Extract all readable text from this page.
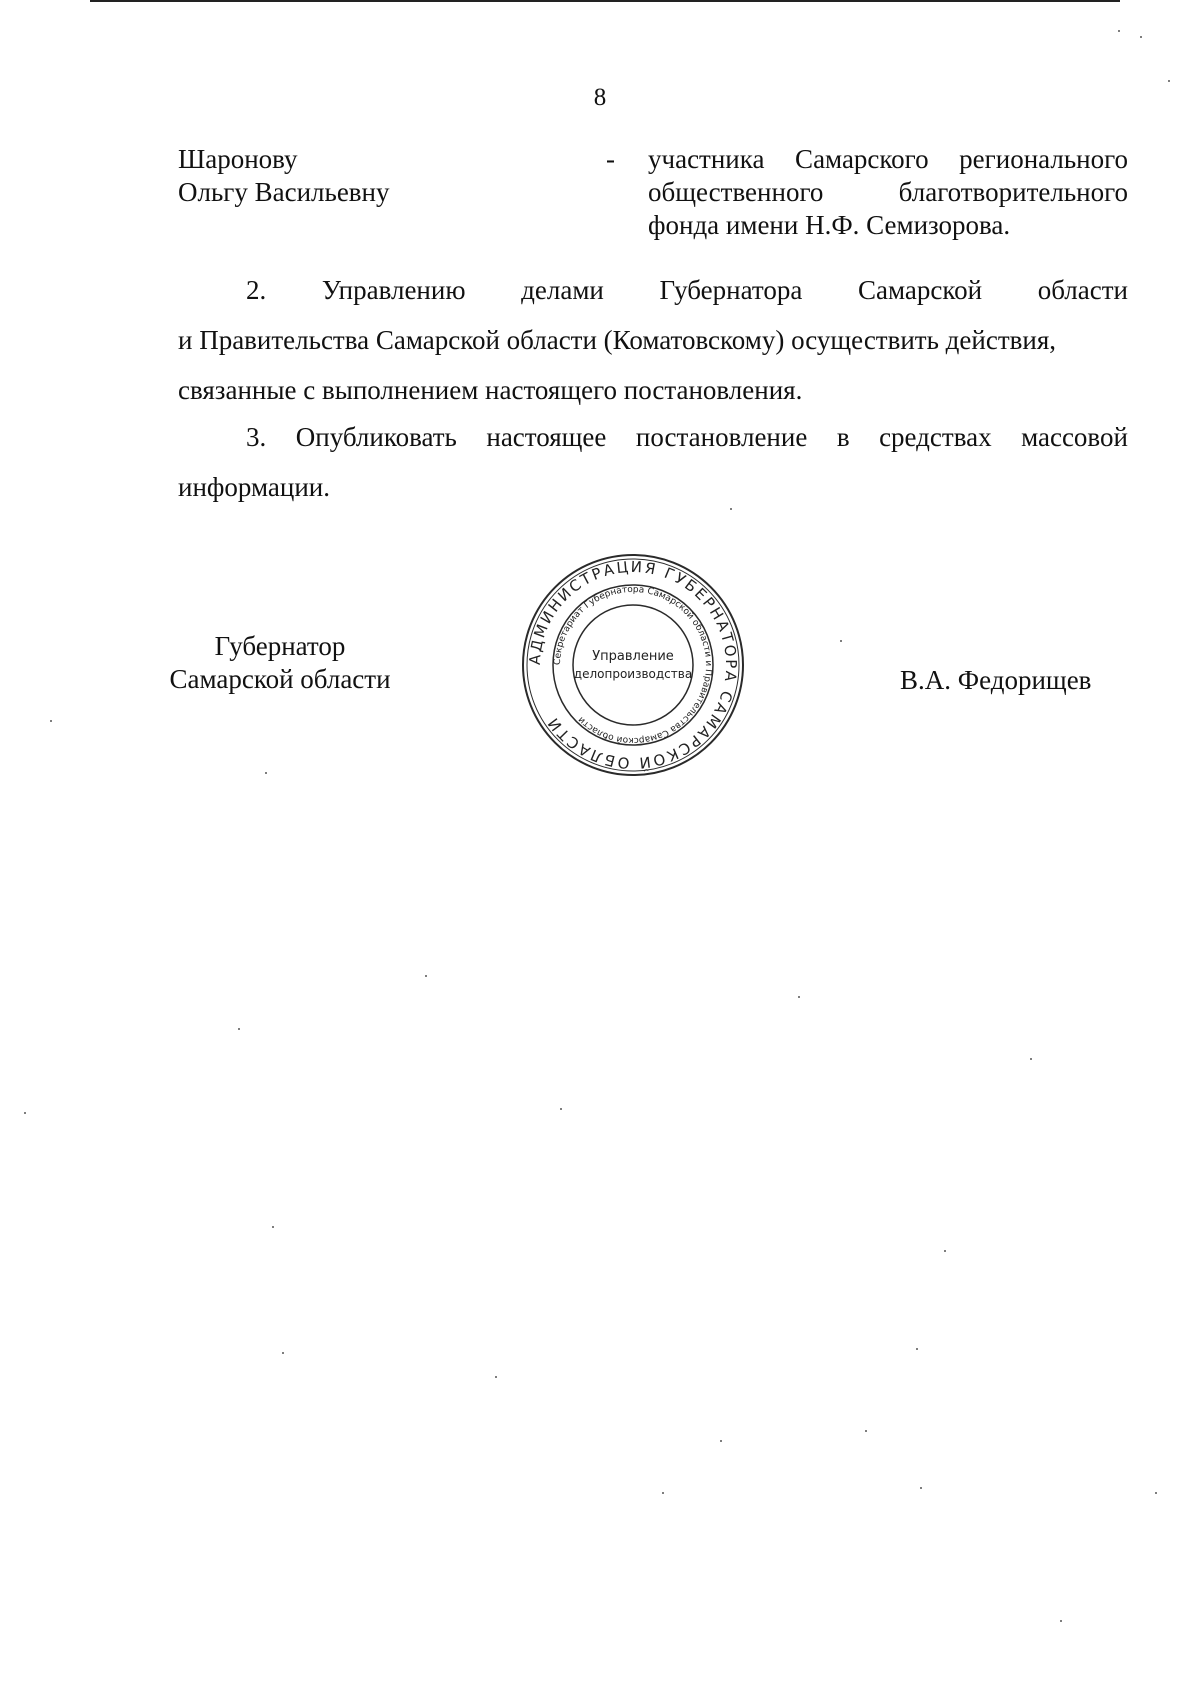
8
Шаронову
Ольгу Васильевну
- участника Самарского регионального общественного благотворительного фонда имени Н.Ф. Семизорова.
2. Управлению делами Губернатора Самарской области
и Правительства Самарской области (Коматовскому) осуществить действия,
связанные с выполнением настоящего постановления.
3. Опубликовать настоящее постановление в средствах массовой
информации.
Губернатор
Самарской области
АДМИНИСТРАЦИЯ ГУБЕРНАТОРА САМАРСКОЙ ОБЛАСТИ
Секретариат Губернатора Самарской области и Правительства Самарской области
Управление
делопроизводства	В.А. Федорищев
